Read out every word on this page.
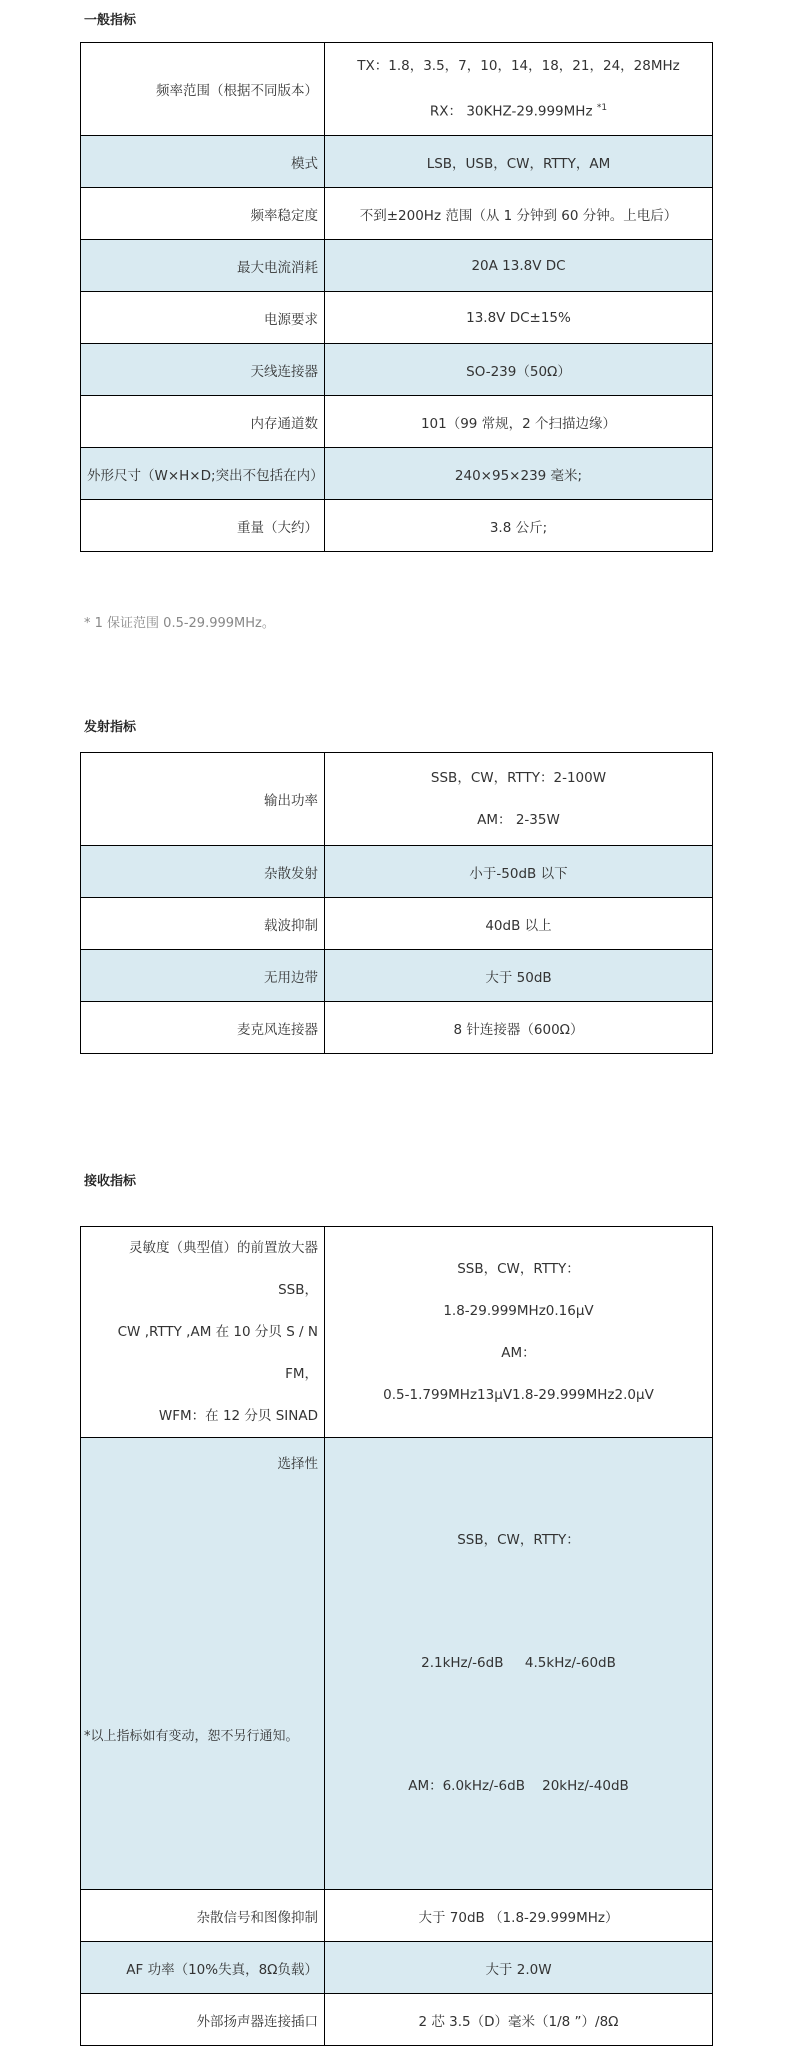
一般指标
频率范围（根据不同版本）	TX：1.8，3.5，7，10，14，18，21，24，28MHz
RX： 30KHZ-29.999MHz $^{*1}$

模式	LSB，USB，CW，RTTY，AM
频率稳定度	不到±200Hz 范围（从 1 分钟到 60 分钟。上电后）
最大电流消耗	20A 13.8V DC
电源要求	13.8V DC±15%
天线连接器	SO-239（50Ω）
内存通道数	101（99 常规，2 个扫描边缘）
外形尺寸（W×H×D;突出不包括在内）	240×95×239 毫米;
重量（大约）	3.8 公斤;
* 1 保证范围 0.5-29.999MHz。
发射指标
输出功率	SSB，CW，RTTY：2-100W
AM： 2-35W

杂散发射	小于-50dB 以下
载波抑制	40dB 以上
无用边带	大于 50dB
麦克风连接器	8 针连接器（600Ω）
接收指标
灵敏度（典型值）的前置放大器 SSB，
CW ,RTTY ,AM 在 10 分贝 S / N FM，
WFM：在 12 分贝 SINAD	SSB，CW，RTTY：
1.8-29.999MHz0.16μV
AM：
0.5-1.799MHz13μV1.8-29.999MHz2.0μV

选择性	SSB，CW，RTTY：

2.1kHz/-6dB     4.5kHz/-60dB

AM：6.0kHz/-6dB    20kHz/-40dB

杂散信号和图像抑制	大于 70dB （1.8-29.999MHz）
AF 功率（10%失真，8Ω负载）	大于 2.0W
外部扬声器连接插口	2 芯 3.5（D）毫米（1/8 ”）/8Ω
*以上指标如有变动，恕不另行通知。
